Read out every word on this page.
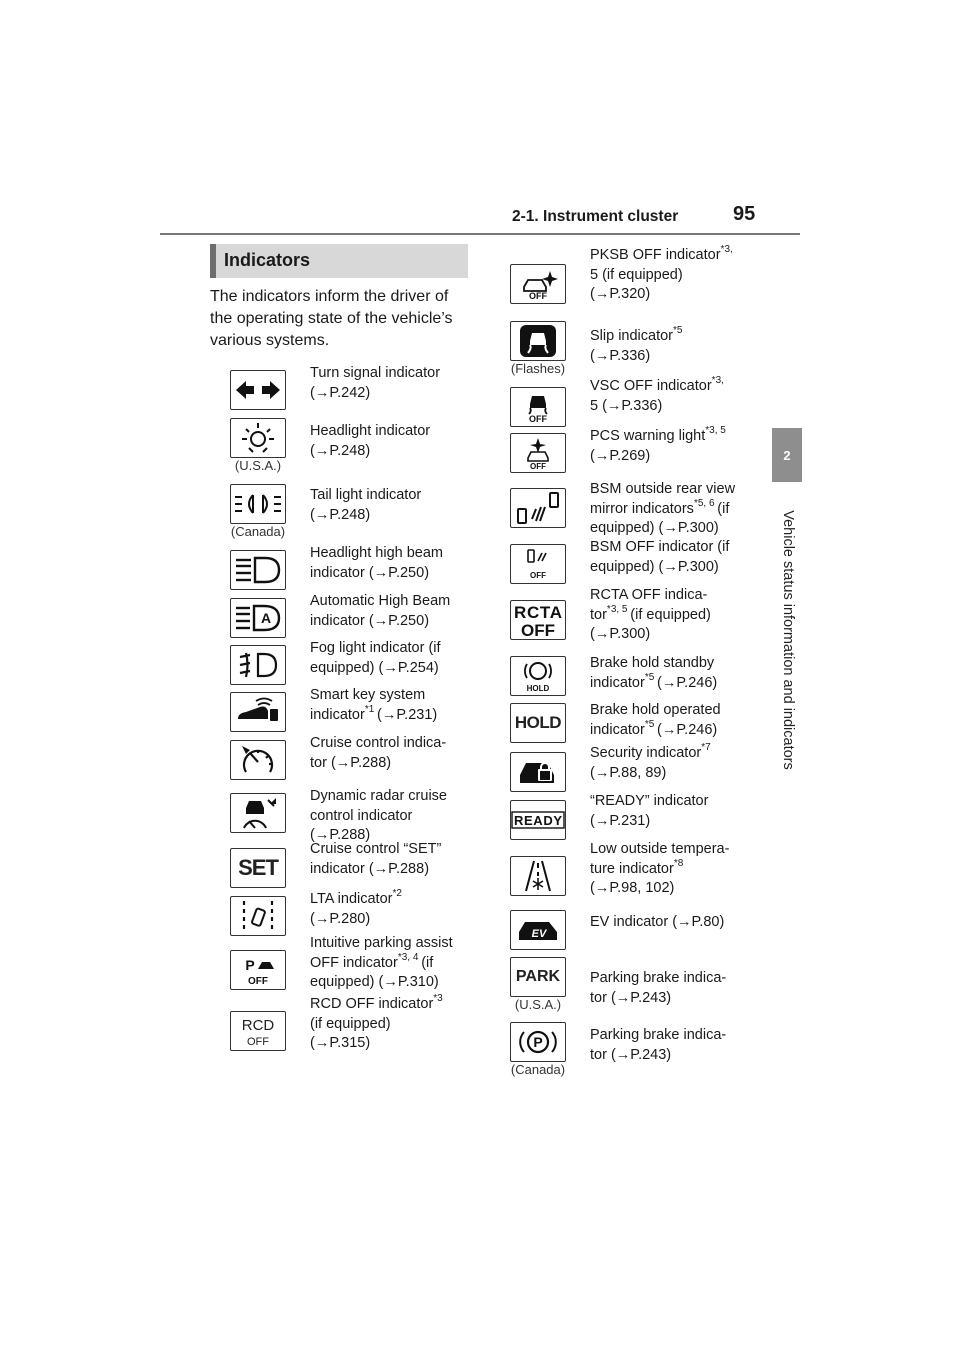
2-1. Instrument cluster	95
2
Vehicle status information and indicators
Indicators
The indicators inform the driver of the operating state of the vehicle’s various systems.
Turn signal indicator
(→P.242)
(U.S.A.)
Headlight indicator
(→P.248)
(Canada)
Tail light indicator
(→P.248)
Headlight high beam
indicator (→P.250)
A
Automatic High Beam
indicator (→P.250)
Fog light indicator (if
equipped) (→P.254)
Smart key system
indicator$^{*1}$ (→P.231)
Cruise control indica-
tor (→P.288)
Dynamic radar cruise
control indicator
(→P.288)
SET
Cruise control “SET”
indicator (→P.288)
LTA indicator$^{*2}$
(→P.280)
P
OFF
Intuitive parking assist
OFF indicator$^{*3, 4}$ (if
equipped) (→P.310)
RCD
OFF
RCD OFF indicator$^{*3}$
(if equipped)
(→P.315)
OFF
PKSB OFF indicator$^{*3,}$
5 (if equipped)
(→P.320)
(Flashes)
Slip indicator$^{*5}$
(→P.336)
OFF
VSC OFF indicator$^{*3,}$
5 (→P.336)
OFF
PCS warning light$^{*3, 5}$
(→P.269)
BSM outside rear view
mirror indicators$^{*5, 6}$ (if
equipped) (→P.300)
OFF
BSM OFF indicator (if
equipped) (→P.300)
RCTA
OFF
RCTA OFF indica-
tor$^{*3, 5}$ (if equipped)
(→P.300)
HOLD
Brake hold standby
indicator$^{*5}$ (→P.246)
HOLD
Brake hold operated
indicator$^{*5}$ (→P.246)
Security indicator$^{*7}$
(→P.88, 89)
READY
“READY” indicator
(→P.231)
Low outside tempera-
ture indicator$^{*8}$
(→P.98, 102)
EV
EV indicator (→P.80)
PARK
(U.S.A.)
Parking brake indica-
tor (→P.243)
P
(Canada)
Parking brake indica-
tor (→P.243)
